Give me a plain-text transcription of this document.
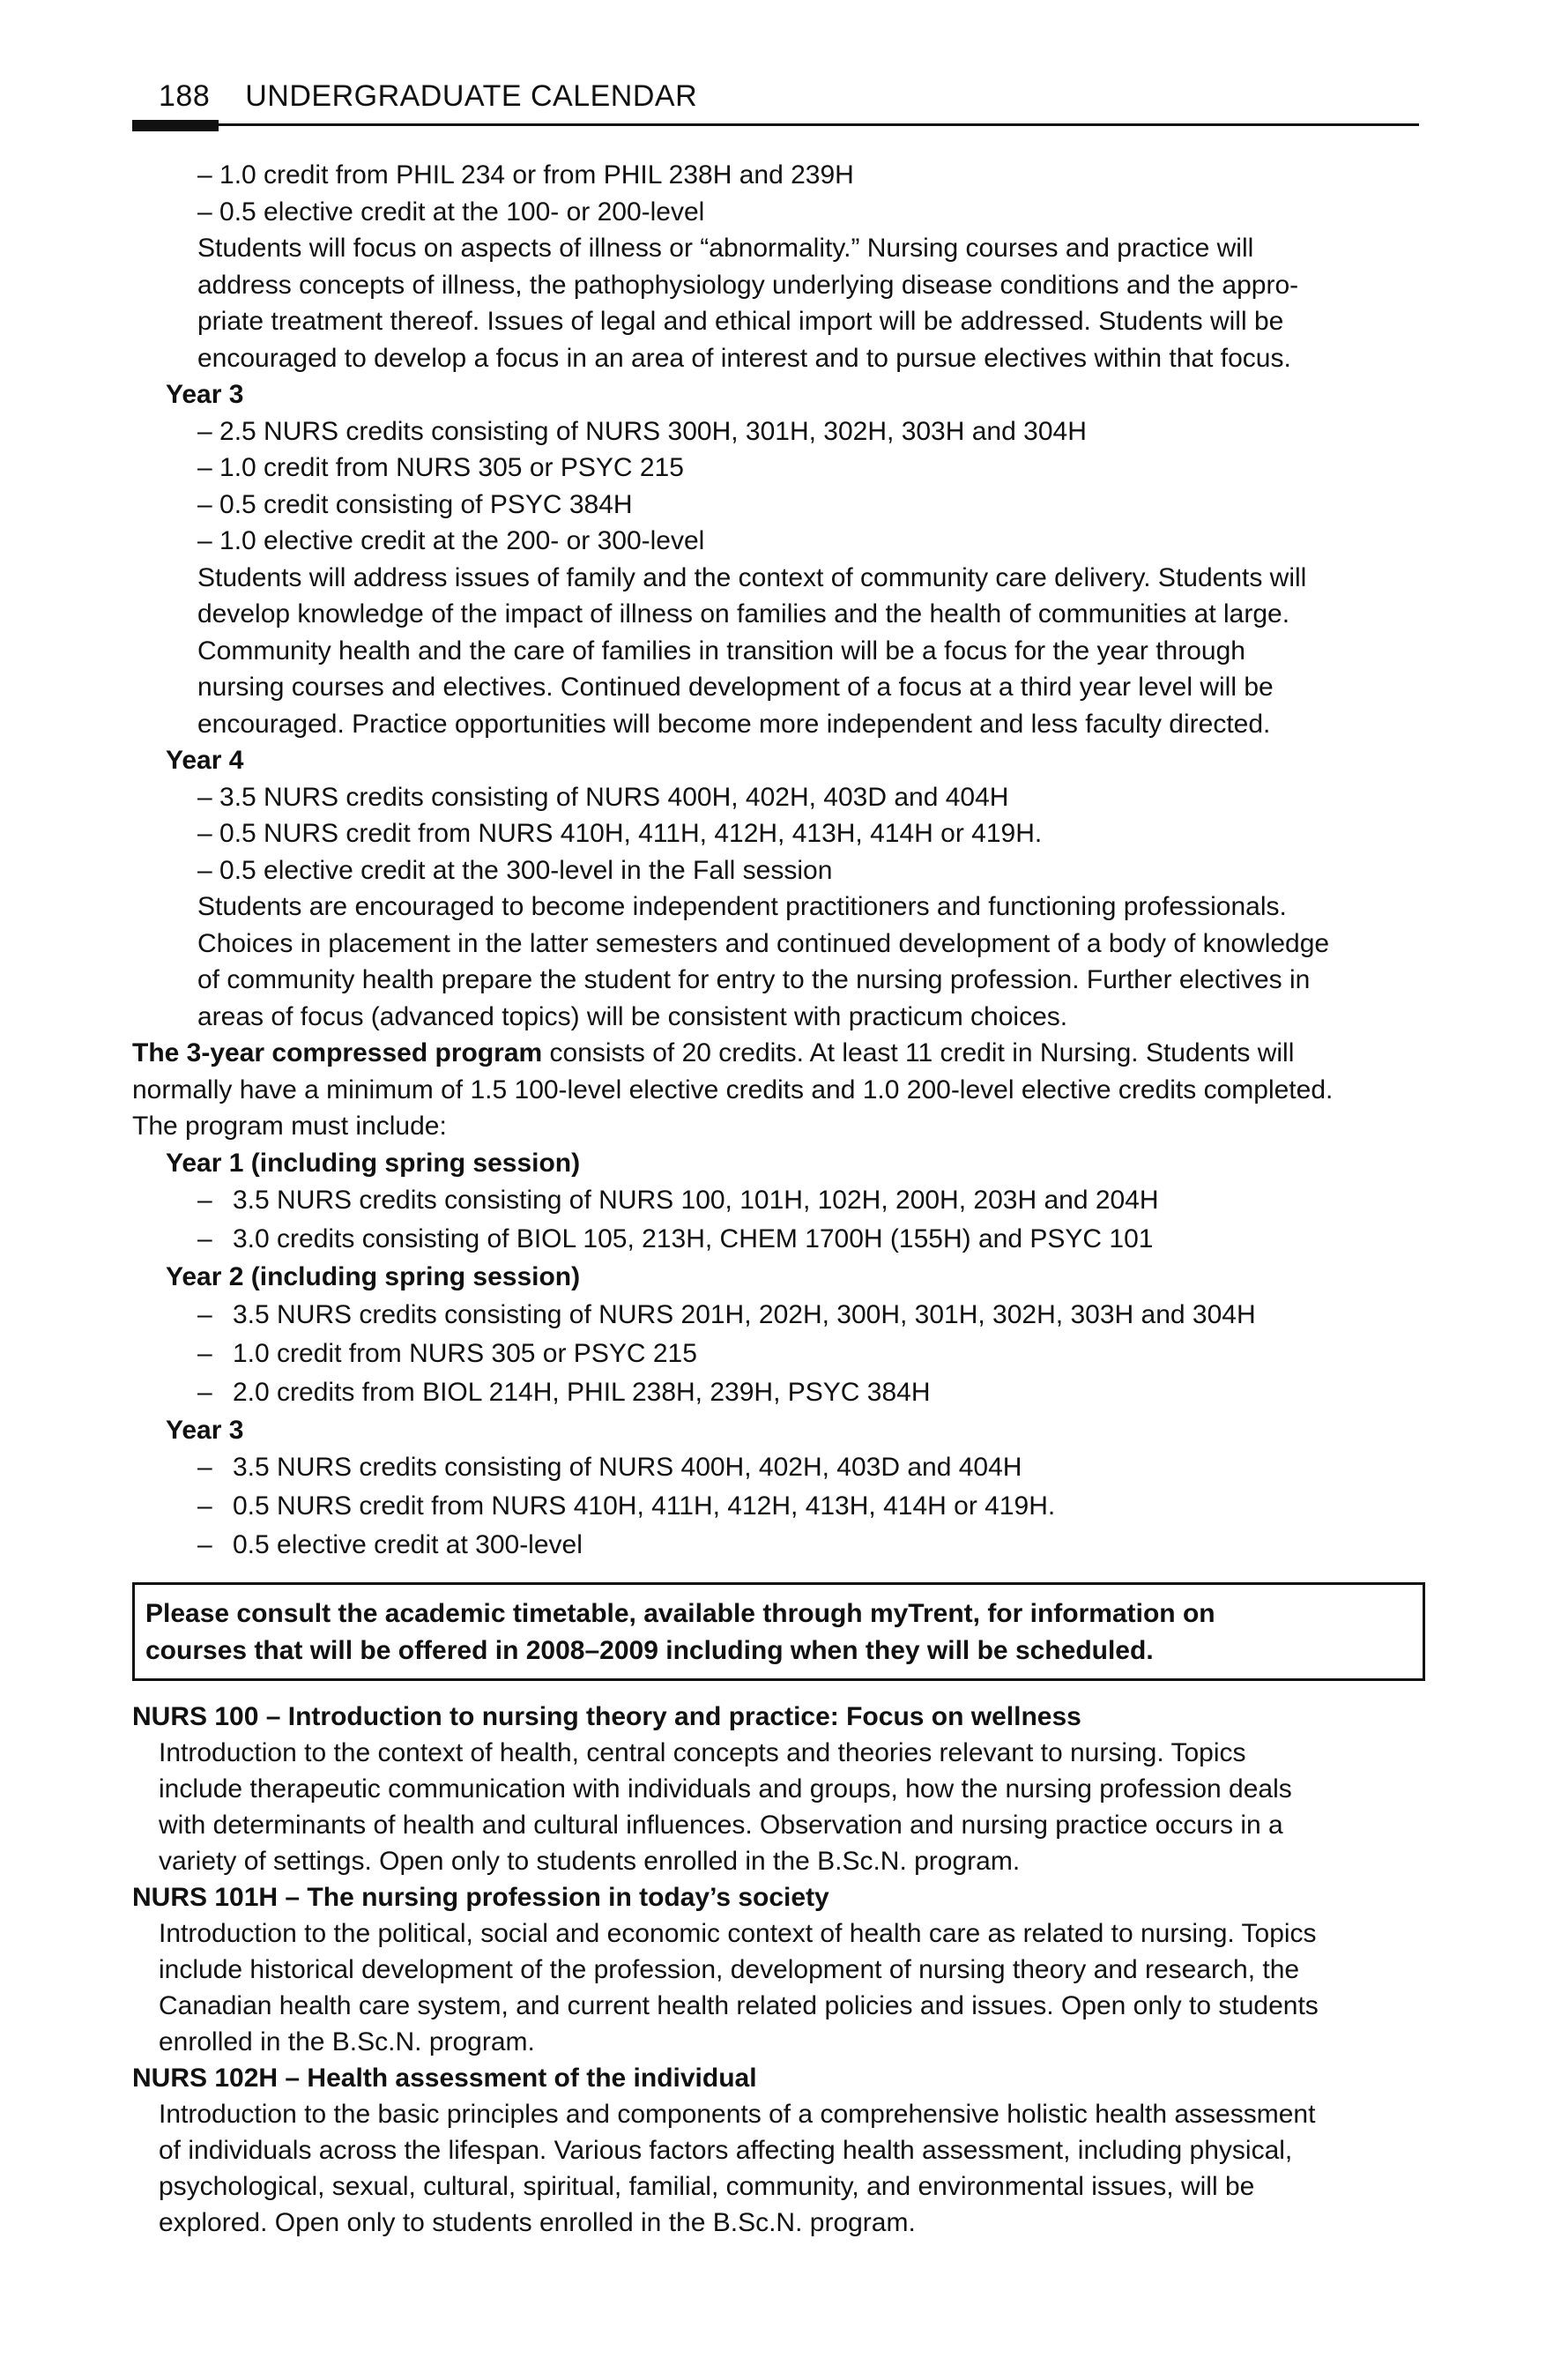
188 UNDERGRADUATE CALENDAR
– 1.0 credit from PHIL 234 or from PHIL 238H and 239H
– 0.5 elective credit at the 100- or 200-level
Students will focus on aspects of illness or “abnormality.” Nursing courses and practice will
address concepts of illness, the pathophysiology underlying disease conditions and the appro-
priate treatment thereof. Issues of legal and ethical import will be addressed. Students will be
encouraged to develop a focus in an area of interest and to pursue electives within that focus.
Year 3
– 2.5 NURS credits consisting of NURS 300H, 301H, 302H, 303H and 304H
– 1.0 credit from NURS 305 or PSYC 215
– 0.5 credit consisting of PSYC 384H
– 1.0 elective credit at the 200- or 300-level
Students will address issues of family and the context of community care delivery. Students will
develop knowledge of the impact of illness on families and the health of communities at large.
Community health and the care of families in transition will be a focus for the year through
nursing courses and electives. Continued development of a focus at a third year level will be
encouraged. Practice opportunities will become more independent and less faculty directed.
Year 4
– 3.5 NURS credits consisting of NURS 400H, 402H, 403D and 404H
– 0.5 NURS credit from NURS 410H, 411H, 412H, 413H, 414H or 419H.
– 0.5 elective credit at the 300-level in the Fall session
Students are encouraged to become independent practitioners and functioning professionals.
Choices in placement in the latter semesters and continued development of a body of knowledge
of community health prepare the student for entry to the nursing profession. Further electives in
areas of focus (advanced topics) will be consistent with practicum choices.
The 3-year compressed program consists of 20 credits. At least 11 credit in Nursing. Students will
normally have a minimum of 1.5 100-level elective credits and 1.0 200-level elective credits completed.
The program must include:
Year 1 (including spring session)
– 3.5 NURS credits consisting of NURS 100, 101H, 102H, 200H, 203H and 204H
– 3.0 credits consisting of BIOL 105, 213H, CHEM 1700H (155H) and PSYC 101
Year 2 (including spring session)
– 3.5 NURS credits consisting of NURS 201H, 202H, 300H, 301H, 302H, 303H and 304H
– 1.0 credit from NURS 305 or PSYC 215
– 2.0 credits from BIOL 214H, PHIL 238H, 239H, PSYC 384H
Year 3
– 3.5 NURS credits consisting of NURS 400H, 402H, 403D and 404H
– 0.5 NURS credit from NURS 410H, 411H, 412H, 413H, 414H or 419H.
– 0.5 elective credit at 300-level
Please consult the academic timetable, available through myTrent, for information on
courses that will be offered in 2008–2009 including when they will be scheduled.
NURS 100 – Introduction to nursing theory and practice: Focus on wellness
Introduction to the context of health, central concepts and theories relevant to nursing. Topics
include therapeutic communication with individuals and groups, how the nursing profession deals
with determinants of health and cultural influences. Observation and nursing practice occurs in a
variety of settings. Open only to students enrolled in the B.Sc.N. program.
NURS 101H – The nursing profession in today’s society
Introduction to the political, social and economic context of health care as related to nursing. Topics
include historical development of the profession, development of nursing theory and research, the
Canadian health care system, and current health related policies and issues. Open only to students
enrolled in the B.Sc.N. program.
NURS 102H – Health assessment of the individual
Introduction to the basic principles and components of a comprehensive holistic health assessment
of individuals across the lifespan. Various factors affecting health assessment, including physical,
psychological, sexual, cultural, spiritual, familial, community, and environmental issues, will be
explored. Open only to students enrolled in the B.Sc.N. program.
